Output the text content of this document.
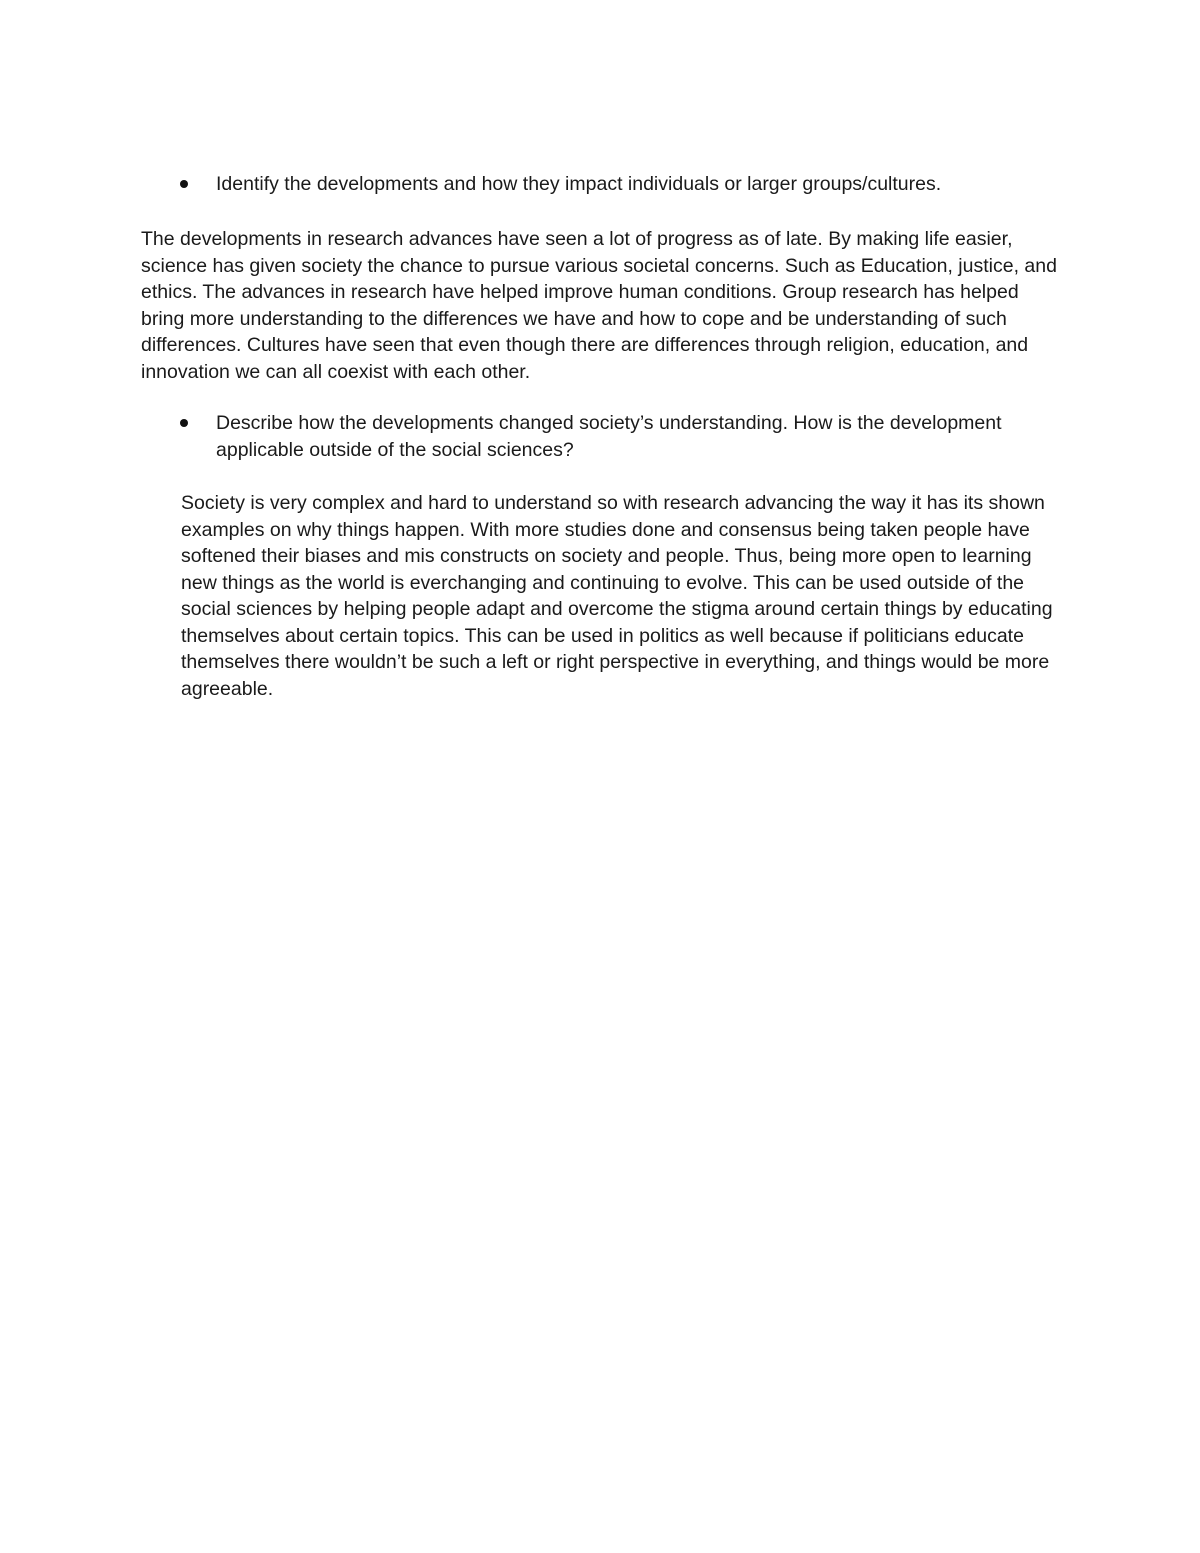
Identify the developments and how they impact individuals or larger groups/cultures.

The developments in research advances have seen a lot of progress as of late. By making life easier, science has given society the chance to pursue various societal concerns. Such as Education, justice, and ethics. The advances in research have helped improve human conditions. Group research has helped bring more understanding to the differences we have and how to cope and be understanding of such differences. Cultures have seen that even though there are differences through religion, education, and innovation we can all coexist with each other.

Describe how the developments changed society’s understanding. How is the development applicable outside of the social sciences?

Society is very complex and hard to understand so with research advancing the way it has its shown examples on why things happen. With more studies done and consensus being taken people have softened their biases and mis constructs on society and people. Thus, being more open to learning new things as the world is everchanging and continuing to evolve. This can be used outside of the social sciences by helping people adapt and overcome the stigma around certain things by educating themselves about certain topics. This can be used in politics as well because if politicians educate themselves there wouldn’t be such a left or right perspective in everything, and things would be more agreeable.
